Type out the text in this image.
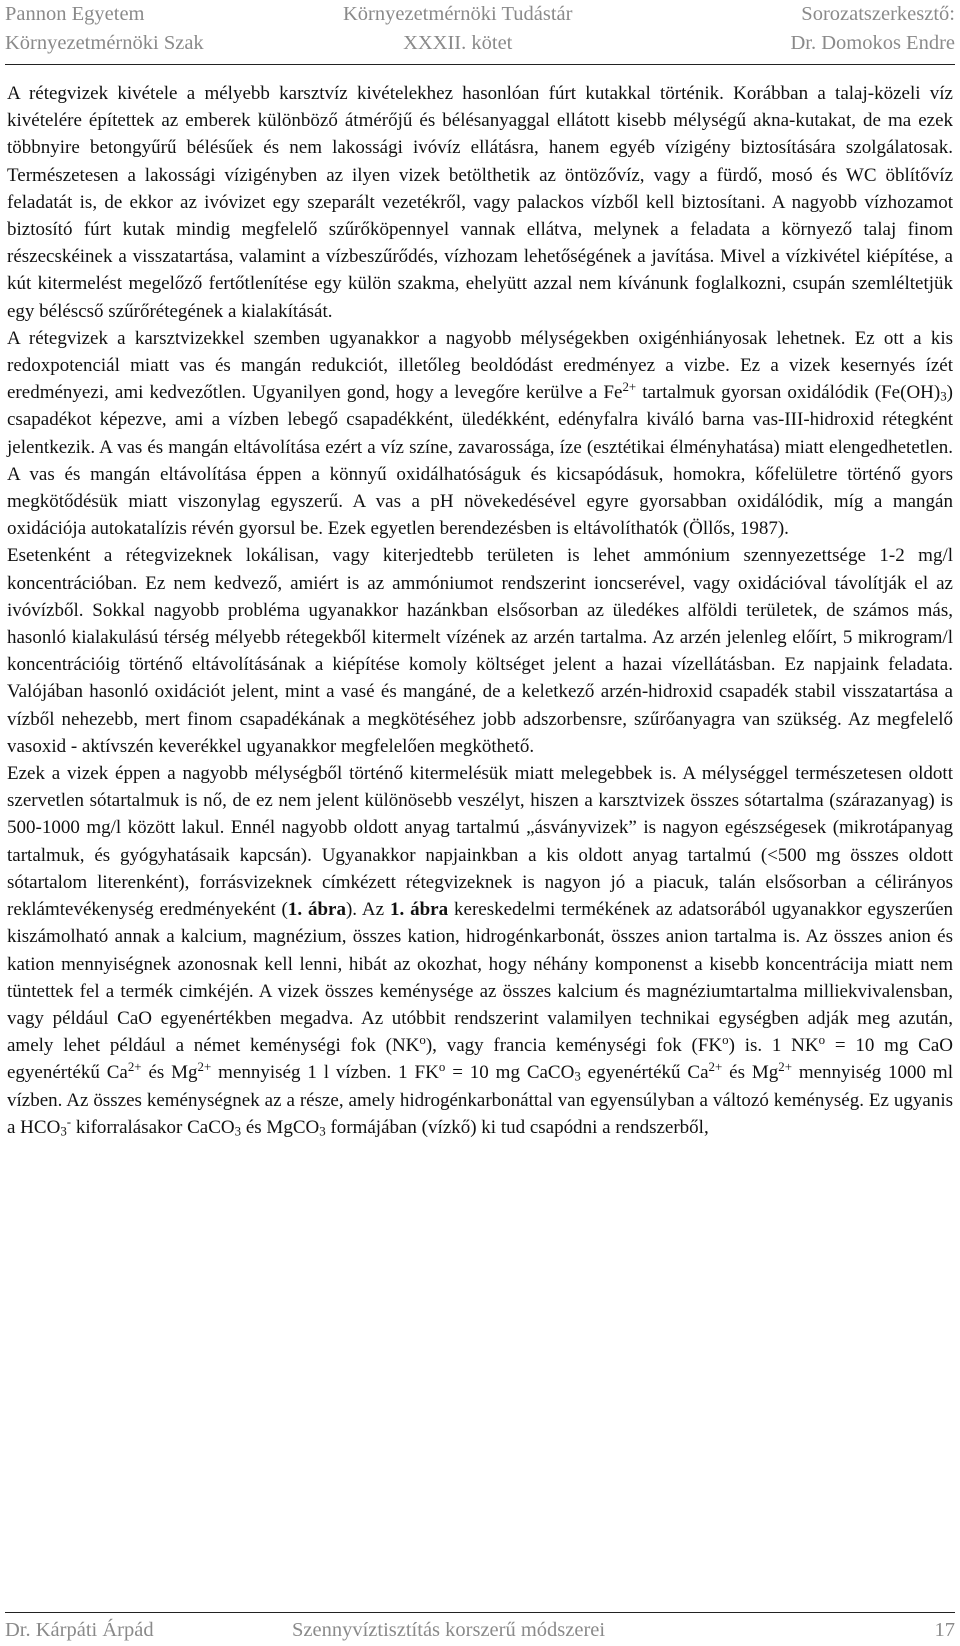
Pannon Egyetem
Környezetmérnöki Szak
Környezetmérnöki Tudástár
XXXII. kötet
Sorozatszerkesztő:
Dr. Domokos Endre

A rétegvizek kivétele a mélyebb karsztvíz kivételekhez hasonlóan fúrt kutakkal történik. Korábban a talaj-közeli víz kivételére építettek az emberek különböző átmérőjű és bélésanyaggal ellátott kisebb mélységű akna-kutakat, de ma ezek többnyire betongyűrű bélésűek és nem lakossági ivóvíz ellátásra, hanem egyéb vízigény biztosítására szolgálatosak. Természetesen a lakossági vízigényben az ilyen vizek betölthetik az öntözővíz, vagy a fürdő, mosó és WC öblítővíz feladatát is, de ekkor az ivóvizet egy szeparált vezetékről, vagy palackos vízből kell biztosítani. A nagyobb vízhozamot biztosító fúrt kutak mindig megfelelő szűrőköpennyel vannak ellátva, melynek a feladata a környező talaj finom részecskéinek a visszatartása, valamint a vízbeszűrődés, vízhozam lehetőségének a javítása. Mivel a vízkivétel kiépítése, a kút kitermelést megelőző fertőtlenítése egy külön szakma, ehelyütt azzal nem kívánunk foglalkozni, csupán szemléltetjük egy béléscső szűrőrétegének a kialakítását.

A rétegvizek a karsztvizekkel szemben ugyanakkor a nagyobb mélységekben oxigénhiányosak lehetnek. Ez ott a kis redoxpotenciál miatt vas és mangán redukciót, illetőleg beoldódást eredményez a vizbe. Ez a vizek kesernyés ízét eredményezi, ami kedvezőtlen. Ugyanilyen gond, hogy a levegőre kerülve a $Fe^{2+}$ tartalmuk gyorsan oxidálódik $(Fe(OH)_3)$ csapadékot képezve, ami a vízben lebegő csapadékként, üledékként, edényfalra kiváló barna vas-III-hidroxid rétegként jelentkezik. A vas és mangán eltávolítása ezért a víz színe, zavarossága, íze (esztétikai élményhatása) miatt elengedhetetlen. A vas és mangán eltávolítása éppen a könnyű oxidálhatóságuk és kicsapódásuk, homokra, kőfelületre történő gyors megkötődésük miatt viszonylag egyszerű. A vas a pH növekedésével egyre gyorsabban oxidálódik, míg a mangán oxidációja autokatalízis révén gyorsul be. Ezek egyetlen berendezésben is eltávolíthatók (Öllős, 1987).

Esetenként a rétegvizeknek lokálisan, vagy kiterjedtebb területen is lehet ammónium szennyezettsége 1-2 mg/l koncentrációban. Ez nem kedvező, amiért is az ammóniumot rendszerint ioncserével, vagy oxidációval távolítják el az ivóvízből. Sokkal nagyobb probléma ugyanakkor hazánkban elsősorban az üledékes alföldi területek, de számos más, hasonló kialakulású térség mélyebb rétegekből kitermelt vízének az arzén tartalma. Az arzén jelenleg előírt, 5 mikrogram/l koncentrációig történő eltávolításának a kiépítése komoly költséget jelent a hazai vízellátásban. Ez napjaink feladata. Valójában hasonló oxidációt jelent, mint a vasé és mangáné, de a keletkező arzén-hidroxid csapadék stabil visszatartása a vízből nehezebb, mert finom csapadékának a megkötéséhez jobb adszorbensre, szűrőanyagra van szükség. Az megfelelő vasoxid - aktívszén keverékkel ugyanakkor megfelelően megköthető.

Ezek a vizek éppen a nagyobb mélységből történő kitermelésük miatt melegebbek is. A mélységgel természetesen oldott szervetlen sótartalmuk is nő, de ez nem jelent különösebb veszélyt, hiszen a karsztvizek összes sótartalma (szárazanyag) is 500-1000 mg/l között lakul. Ennél nagyobb oldott anyag tartalmú „ásványvizek” is nagyon egészségesek (mikrotápanyag tartalmuk, és gyógyhatásaik kapcsán). Ugyanakkor napjainkban a kis oldott anyag tartalmú (<500 mg összes oldott sótartalom literenként), forrásvizeknek címkézett rétegvizeknek is nagyon jó a piacuk, talán elsősorban a célirányos reklámtevékenység eredményeként (1. ábra). Az 1. ábra kereskedelmi termékének az adatsorából ugyanakkor egyszerűen kiszámolható annak a kalcium, magnézium, összes kation, hidrogénkarbonát, összes anion tartalma is. Az összes anion és kation mennyiségnek azonosnak kell lenni, hibát az okozhat, hogy néhány komponenst a kisebb koncentrácija miatt nem tüntettek fel a termék cimkéjén. A vizek összes keménysége az összes kalcium és magnéziumtartalma milliekvivalensban, vagy például CaO egyenértékben megadva. Az utóbbit rendszerint valamilyen technikai egységben adják meg azután, amely lehet például a német keménységi fok $(NK^o)$, vagy francia keménységi fok $(FK^o)$ is. 1 $NK^o = 10$ mg CaO egyenértékű $Ca^{2+}$ és $Mg^{2+}$ mennyiség 1 l vízben. 1 $FK^o = 10$ mg CaCO$_3$ egyenértékű $Ca^{2+}$ és $Mg^{2+}$ mennyiség 1000 ml vízben. Az összes keménységnek az a része, amely hidrogénkarbonáttal van egyensúlyban a változó keménység. Ez ugyanis a $HCO_3^-$ kiforralásakor CaCO$_3$ és MgCO$_3$ formájában (vízkő) ki tud csapódni a rendszerből,

Dr. Kárpáti Árpád	Szennyvíztisztítás korszerű módszerei	17
